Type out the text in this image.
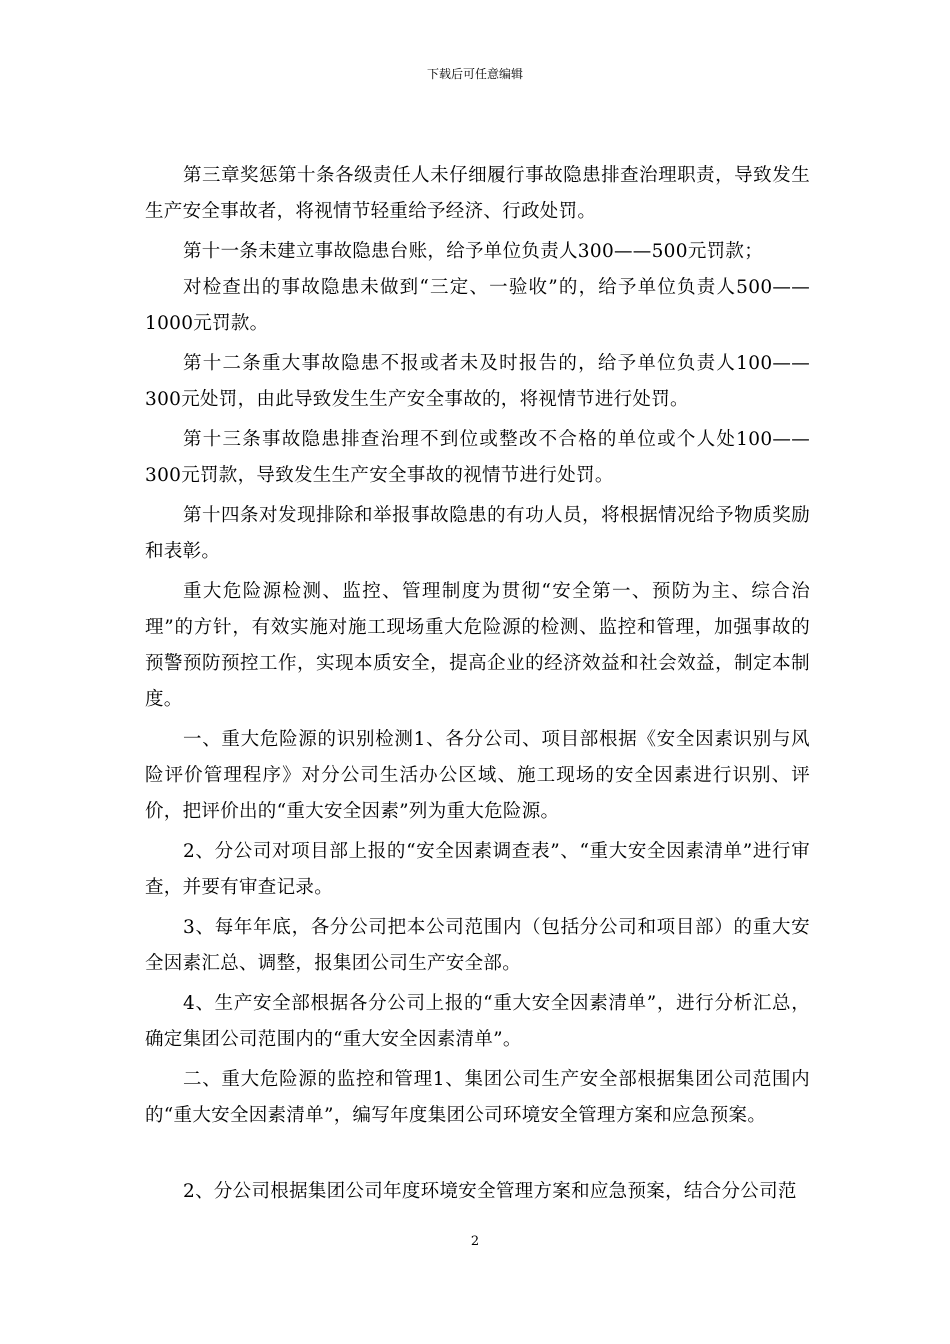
下载后可任意编辑

第三章奖惩第十条各级责任人未仔细履行事故隐患排查治理职责，导致发生生产安全事故者，将视情节轻重给予经济、行政处罚。

第十一条未建立事故隐患台账，给予单位负责人300——500元罚款；

对检查出的事故隐患未做到“三定、一验收”的，给予单位负责人500——1000元罚款。

第十二条重大事故隐患不报或者未及时报告的，给予单位负责人100——300元处罚，由此导致发生生产安全事故的，将视情节进行处罚。

第十三条事故隐患排查治理不到位或整改不合格的单位或个人处100——300元罚款，导致发生生产安全事故的视情节进行处罚。

第十四条对发现排除和举报事故隐患的有功人员，将根据情况给予物质奖励和表彰。

重大危险源检测、监控、管理制度为贯彻“安全第一、预防为主、综合治理”的方针，有效实施对施工现场重大危险源的检测、监控和管理，加强事故的预警预防预控工作，实现本质安全，提高企业的经济效益和社会效益，制定本制度。

一、重大危险源的识别检测1、各分公司、项目部根据《安全因素识别与风险评价管理程序》对分公司生活办公区域、施工现场的安全因素进行识别、评价，把评价出的“重大安全因素”列为重大危险源。

2、分公司对项目部上报的“安全因素调查表”、“重大安全因素清单”进行审查，并要有审查记录。

3、每年年底，各分公司把本公司范围内（包括分公司和项目部）的重大安全因素汇总、调整，报集团公司生产安全部。

4、生产安全部根据各分公司上报的“重大安全因素清单”，进行分析汇总，确定集团公司范围内的“重大安全因素清单”。

二、重大危险源的监控和管理1、集团公司生产安全部根据集团公司范围内的“重大安全因素清单”，编写年度集团公司环境安全管理方案和应急预案。

2、分公司根据集团公司年度环境安全管理方案和应急预案，结合分公司范

2
